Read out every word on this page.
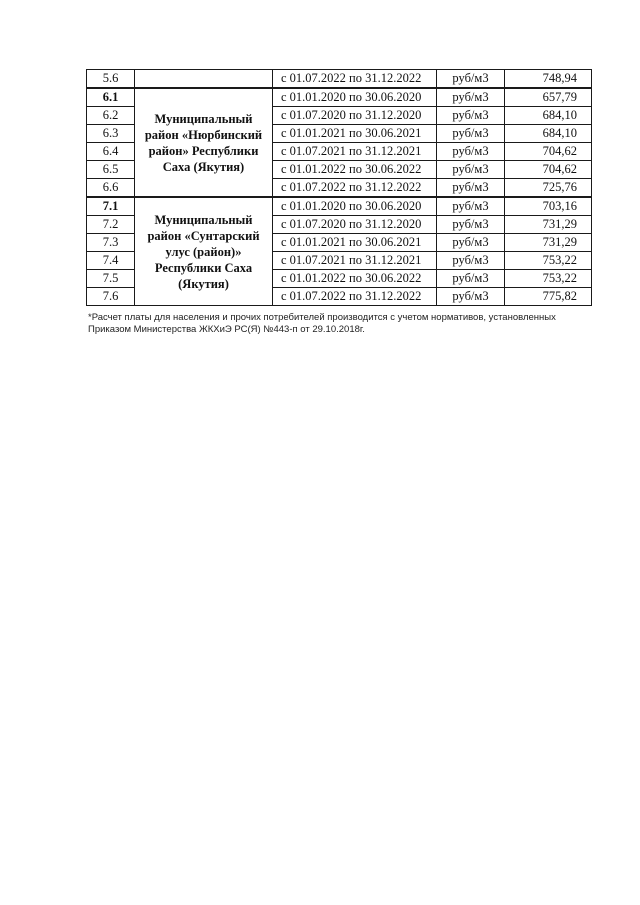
5.6		с 01.07.2022 по 31.12.2022	руб/м3	748,94
6.1	Муниципальный район «Нюрбинский район» Республики Саха (Якутия)	с 01.01.2020 по 30.06.2020	руб/м3	657,79
6.2		с 01.07.2020 по 31.12.2020	руб/м3	684,10
6.3		с 01.01.2021 по 30.06.2021	руб/м3	684,10
6.4		с 01.07.2021 по 31.12.2021	руб/м3	704,62
6.5		с 01.01.2022 по 30.06.2022	руб/м3	704,62
6.6		с 01.07.2022 по 31.12.2022	руб/м3	725,76
7.1	Муниципальный район «Сунтарский улус (район)» Республики Саха (Якутия)	с 01.01.2020 по 30.06.2020	руб/м3	703,16
7.2		с 01.07.2020 по 31.12.2020	руб/м3	731,29
7.3		с 01.01.2021 по 30.06.2021	руб/м3	731,29
7.4		с 01.07.2021 по 31.12.2021	руб/м3	753,22
7.5		с 01.01.2022 по 30.06.2022	руб/м3	753,22
7.6		с 01.07.2022 по 31.12.2022	руб/м3	775,82

*Расчет платы для населения и прочих потребителей производится с учетом нормативов, установленных

Приказом Министерства ЖКХиЭ РС(Я) №443-п от 29.10.2018г.
